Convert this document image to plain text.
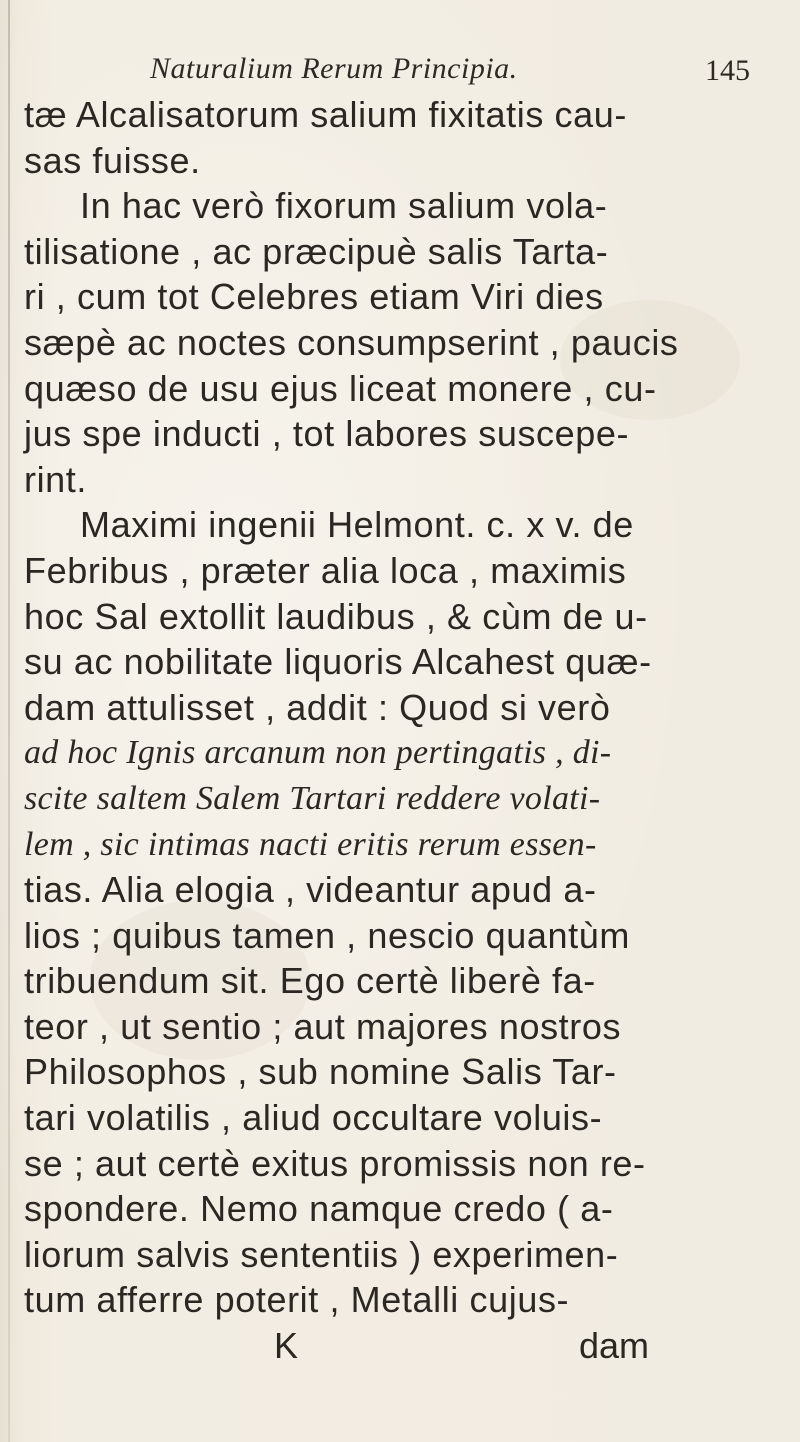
Naturalium Rerum Principia.	145
tæ Alcalisatorum salium fixitatis cau-
sas fuisse.
In hac verò fixorum salium vola-
tilisatione , ac præcipuè salis Tarta-
ri , cum tot Celebres etiam Viri dies
sæpè ac noctes consumpserint , paucis
quæso de usu ejus liceat monere , cu-
jus spe inducti , tot labores suscepe-
rint.
Maximi ingenii Helmont. c. x v. de
Febribus , præter alia loca , maximis
hoc Sal extollit laudibus , & cùm de u-
su ac nobilitate liquoris Alcahest quæ-
dam attulisset , addit : Quod si verò
ad hoc Ignis arcanum non pertingatis , di-
scite saltem Salem Tartari reddere volati-
lem , sic intimas nacti eritis rerum essen-
tias. Alia elogia , videantur apud a-
lios ; quibus tamen , nescio quantùm
tribuendum sit. Ego certè liberè fa-
teor , ut sentio ; aut majores nostros
Philosophos , sub nomine Salis Tar-
tari volatilis , aliud occultare voluis-
se ; aut certè exitus promissis non re-
spondere. Nemo namque credo ( a-
liorum salvis sententiis ) experimen-
tum afferre poterit , Metalli cujus-
K	dam
